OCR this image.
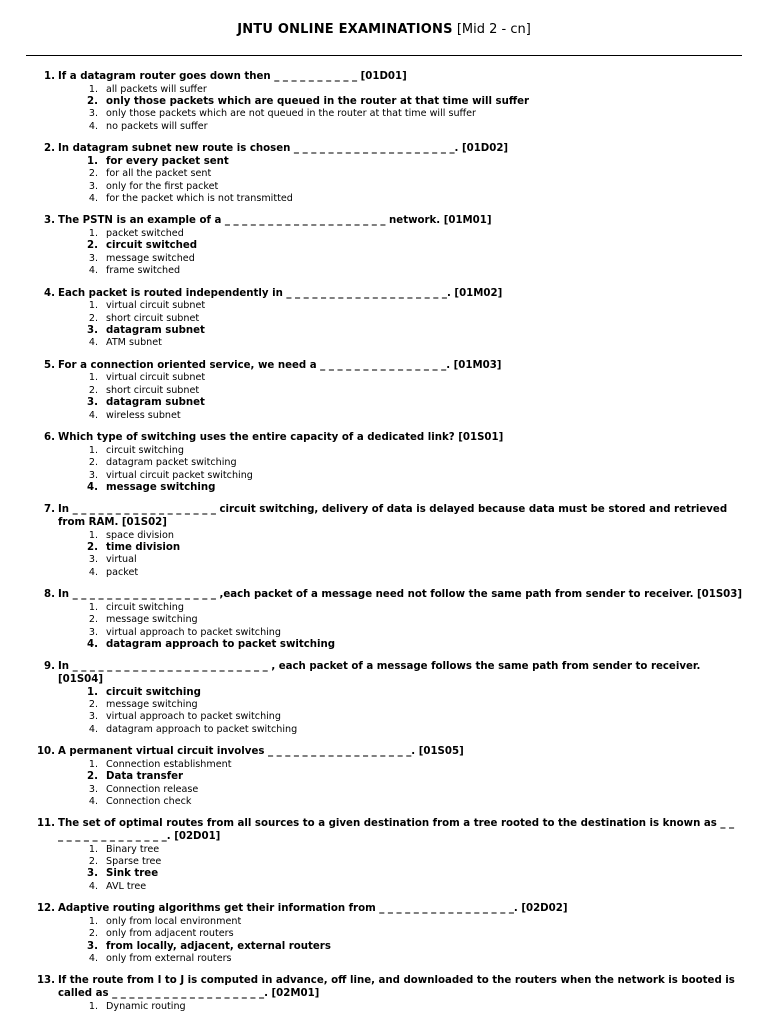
JNTU ONLINE EXAMINATIONS [Mid 2 - cn]
1. If a datagram router goes down then _ _ _ _ _ _ _ _ _ _ [01D01]
1. all packets will suffer
2. only those packets which are queued in the router at that time will suffer
3. only those packets which are not queued in the router at that time will suffer
4. no packets will suffer
2. In datagram subnet new route is chosen _ _ _ _ _ _ _ _ _ _ _ _ _ _ _ _ _ _ _. [01D02]
1. for every packet sent
2. for all the packet sent
3. only for the first packet
4. for the packet which is not transmitted
3. The PSTN is an example of a _ _ _ _ _ _ _ _ _ _ _ _ _ _ _ _ _ _ _ network. [01M01]
1. packet switched
2. circuit switched
3. message switched
4. frame switched
4. Each packet is routed independently in _ _ _ _ _ _ _ _ _ _ _ _ _ _ _ _ _ _ _. [01M02]
1. virtual circuit subnet
2. short circuit subnet
3. datagram subnet
4. ATM subnet
5. For a connection oriented service, we need a _ _ _ _ _ _ _ _ _ _ _ _ _ _ _. [01M03]
1. virtual circuit subnet
2. short circuit subnet
3. datagram subnet
4. wireless subnet
6. Which type of switching uses the entire capacity of a dedicated link? [01S01]
1. circuit switching
2. datagram packet switching
3. virtual circuit packet switching
4. message switching
7. In _ _ _ _ _ _ _ _ _ _ _ _ _ _ _ _ _ circuit switching, delivery of data is delayed because data must be stored and retrieved from RAM. [01S02]
1. space division
2. time division
3. virtual
4. packet
8. In _ _ _ _ _ _ _ _ _ _ _ _ _ _ _ _ _ ,each packet of a message need not follow the same path from sender to receiver. [01S03]
1. circuit switching
2. message switching
3. virtual approach to packet switching
4. datagram approach to packet switching
9. In _ _ _ _ _ _ _ _ _ _ _ _ _ _ _ _ _ _ _ _ _ _ _ , each packet of a message follows the same path from sender to receiver. [01S04]
1. circuit switching
2. message switching
3. virtual approach to packet switching
4. datagram approach to packet switching
10. A permanent virtual circuit involves _ _ _ _ _ _ _ _ _ _ _ _ _ _ _ _ _. [01S05]
1. Connection establishment
2. Data transfer
3. Connection release
4. Connection check
11. The set of optimal routes from all sources to a given destination from a tree rooted to the destination is known as _ _ _ _ _ _ _ _ _ _ _ _ _ _ _. [02D01]
1. Binary tree
2. Sparse tree
3. Sink tree
4. AVL tree
12. Adaptive routing algorithms get their information from _ _ _ _ _ _ _ _ _ _ _ _ _ _ _ _. [02D02]
1. only from local environment
2. only from adjacent routers
3. from locally, adjacent, external routers
4. only from external routers
13. If the route from I to J is computed in advance, off line, and downloaded to the routers when the network is booted is called as _ _ _ _ _ _ _ _ _ _ _ _ _ _ _ _ _ _. [02M01]
1. Dynamic routing
